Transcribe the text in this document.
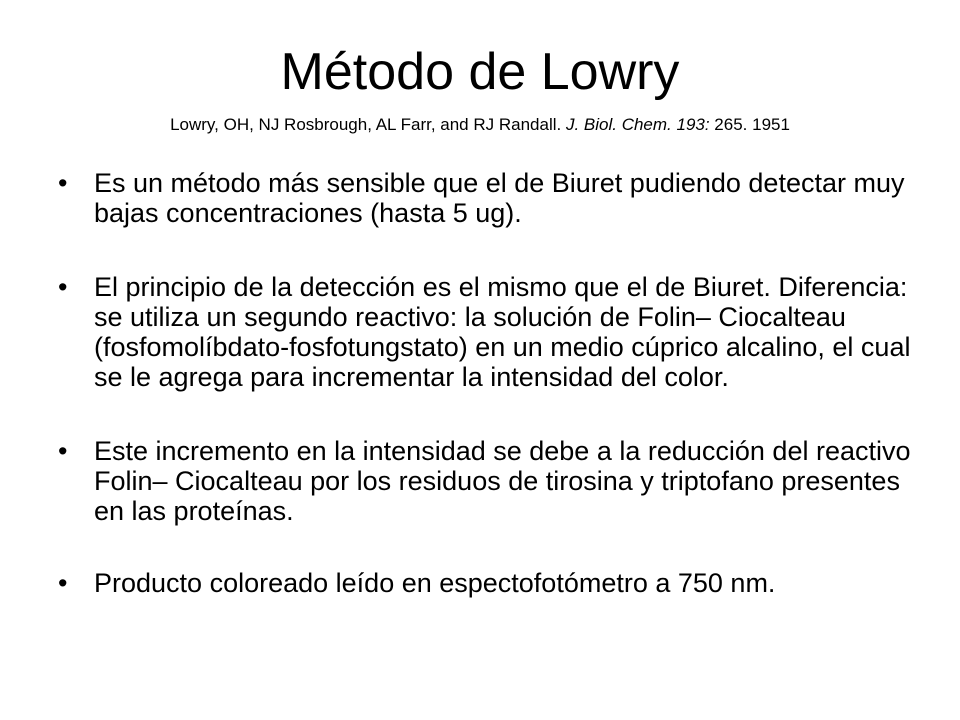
Método de Lowry
Lowry, OH, NJ Rosbrough, AL Farr, and RJ Randall. J. Biol. Chem. 193: 265. 1951
• Es un método más sensible que el de Biuret pudiendo detectar muy bajas concentraciones (hasta 5 ug).
• El principio de la detección es el mismo que el de Biuret. Diferencia: se utiliza un segundo reactivo: la solución de Folin– Ciocalteau (fosfomolíbdato-fosfotungstato) en un medio cúprico alcalino, el cual se le agrega para incrementar la intensidad del color.
• Este incremento en la intensidad se debe a la reducción del reactivo Folin– Ciocalteau por los residuos de tirosina y triptofano presentes en las proteínas.
• Producto coloreado leído en espectofotómetro a 750 nm.
